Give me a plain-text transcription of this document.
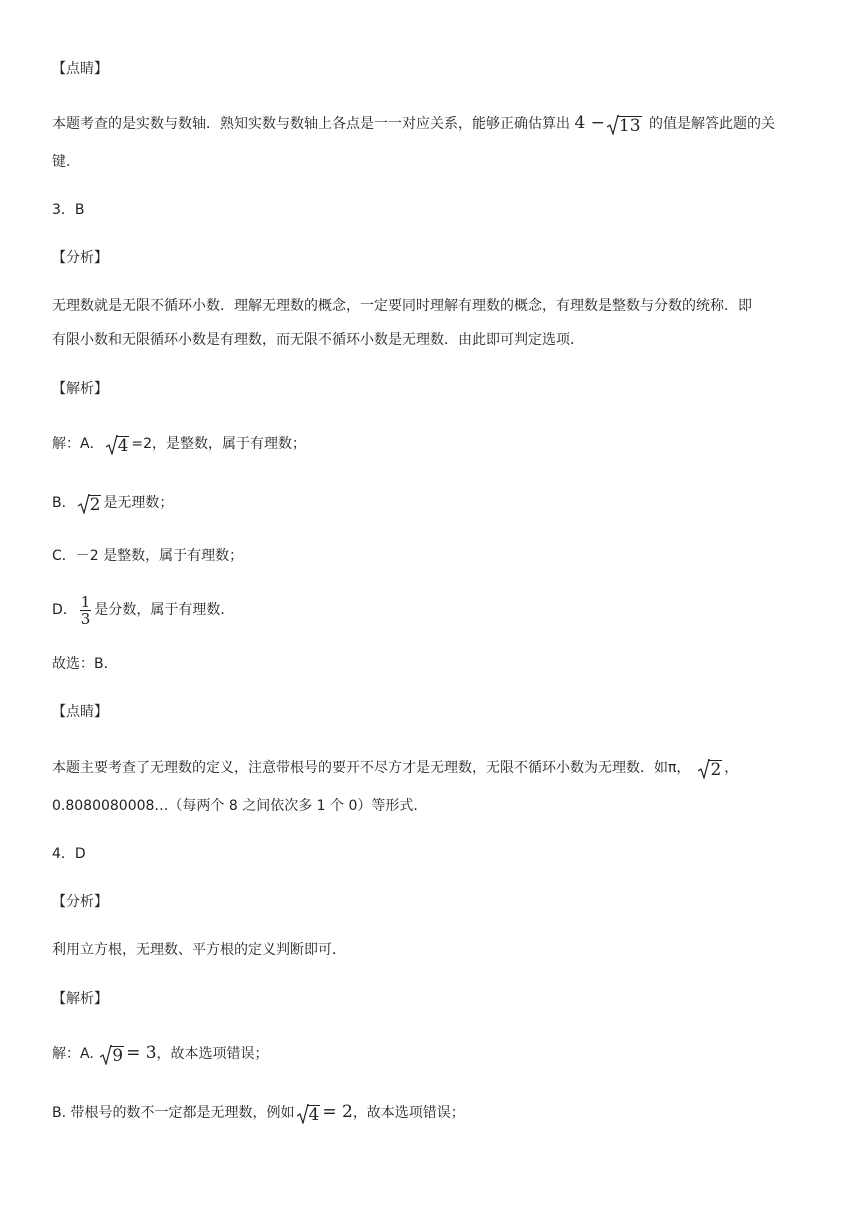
【点睛】
本题考查的是实数与数轴．熟知实数与数轴上各点是一一对应关系，能够正确估算出 4 − 13 的值是解答此题的关
键．
3．B
【分析】
无理数就是无限不循环小数．理解无理数的概念，一定要同时理解有理数的概念，有理数是整数与分数的统称．即
有限小数和无限循环小数是有理数，而无限不循环小数是无理数．由此即可判定选项．
【解析】
解：A． 4 =2，是整数，属于有理数；
B． 2 是无理数；
C．－2 是整数，属于有理数；
D． $\frac{1}{3}$ 是分数，属于有理数．
故选：B．
【点睛】
本题主要考查了无理数的定义，注意带根号的要开不尽方才是无理数，无限不循环小数为无理数．如π， 2 ，
0.8080080008…（每两个 8 之间依次多 1 个 0）等形式．
4．D
【分析】
利用立方根，无理数、平方根的定义判断即可．
【解析】
解：A. 9 = 3，故本选项错误；
B. 带根号的数不一定都是无理数，例如 4 = 2，故本选项错误；
